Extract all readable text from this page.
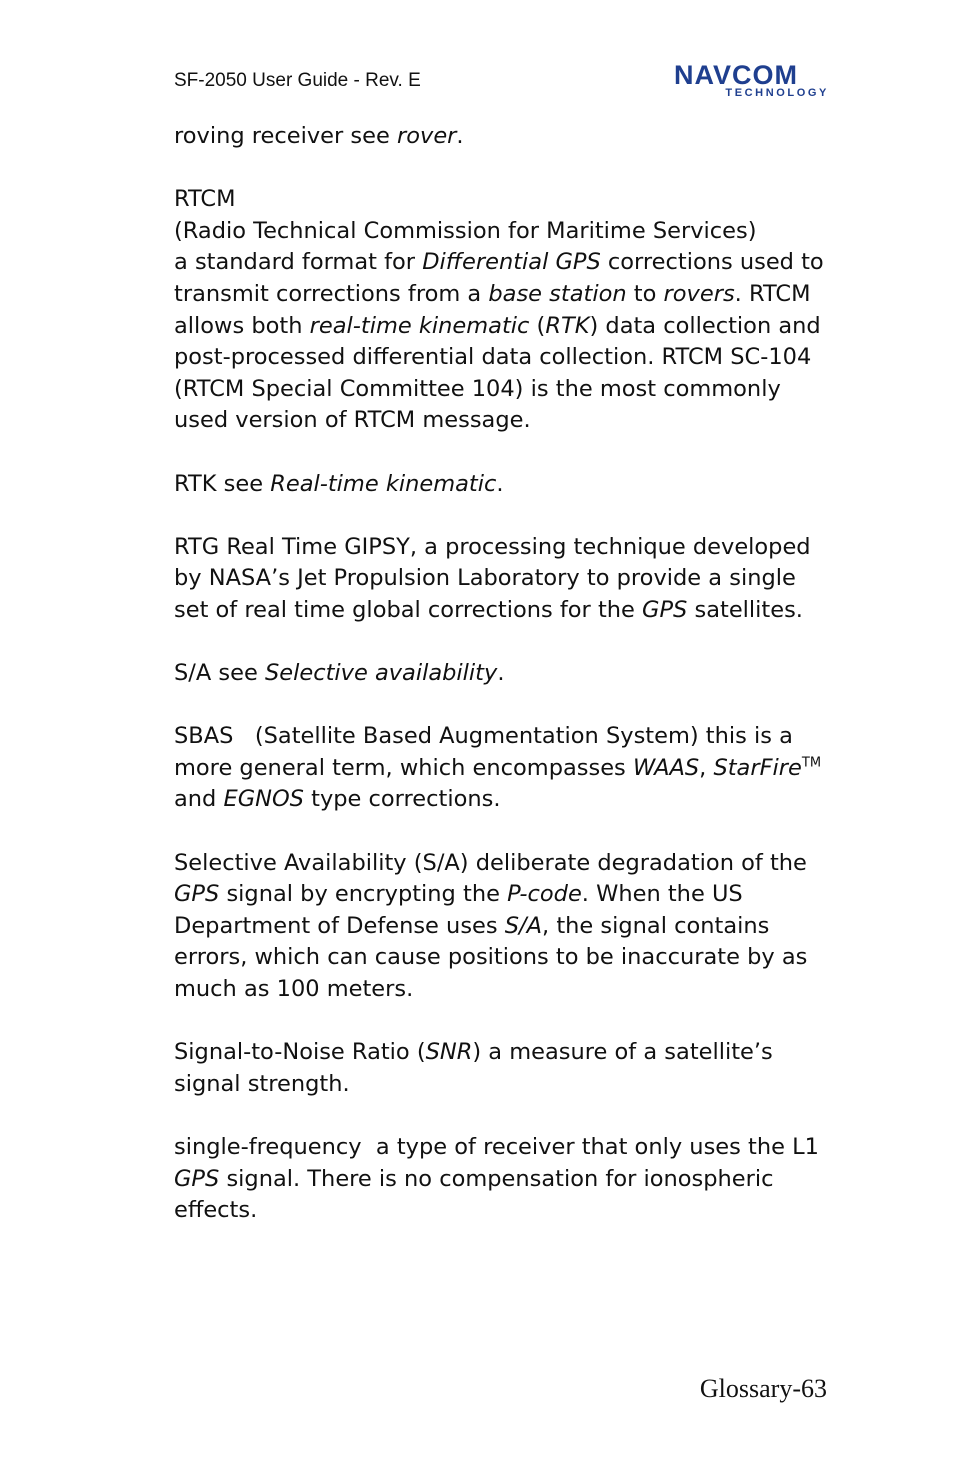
SF-2050 User Guide - Rev. E	NAVCOM
TECHNOLOGY
roving receiver see rover.
RTCM
(Radio Technical Commission for Maritime Services)
a standard format for Differential GPS corrections used to transmit corrections from a base station to rovers. RTCM allows both real-time kinematic (RTK) data collection and post-processed differential data collection. RTCM SC-104 (RTCM Special Committee 104) is the most commonly used version of RTCM message.
RTK see Real-time kinematic.
RTG Real Time GIPSY, a processing technique developed by NASA’s Jet Propulsion Laboratory to provide a single set of real time global corrections for the GPS satellites.
S/A see Selective availability.
SBAS   (Satellite Based Augmentation System) this is a more general term, which encompasses WAAS, StarFire™ and EGNOS type corrections.
Selective Availability (S/A) deliberate degradation of the GPS signal by encrypting the P-code. When the US Department of Defense uses S/A, the signal contains errors, which can cause positions to be inaccurate by as much as 100 meters.
Signal-to-Noise Ratio (SNR) a measure of a satellite’s signal strength.
single-frequency  a type of receiver that only uses the L1 GPS signal. There is no compensation for ionospheric effects.
Glossary-63
